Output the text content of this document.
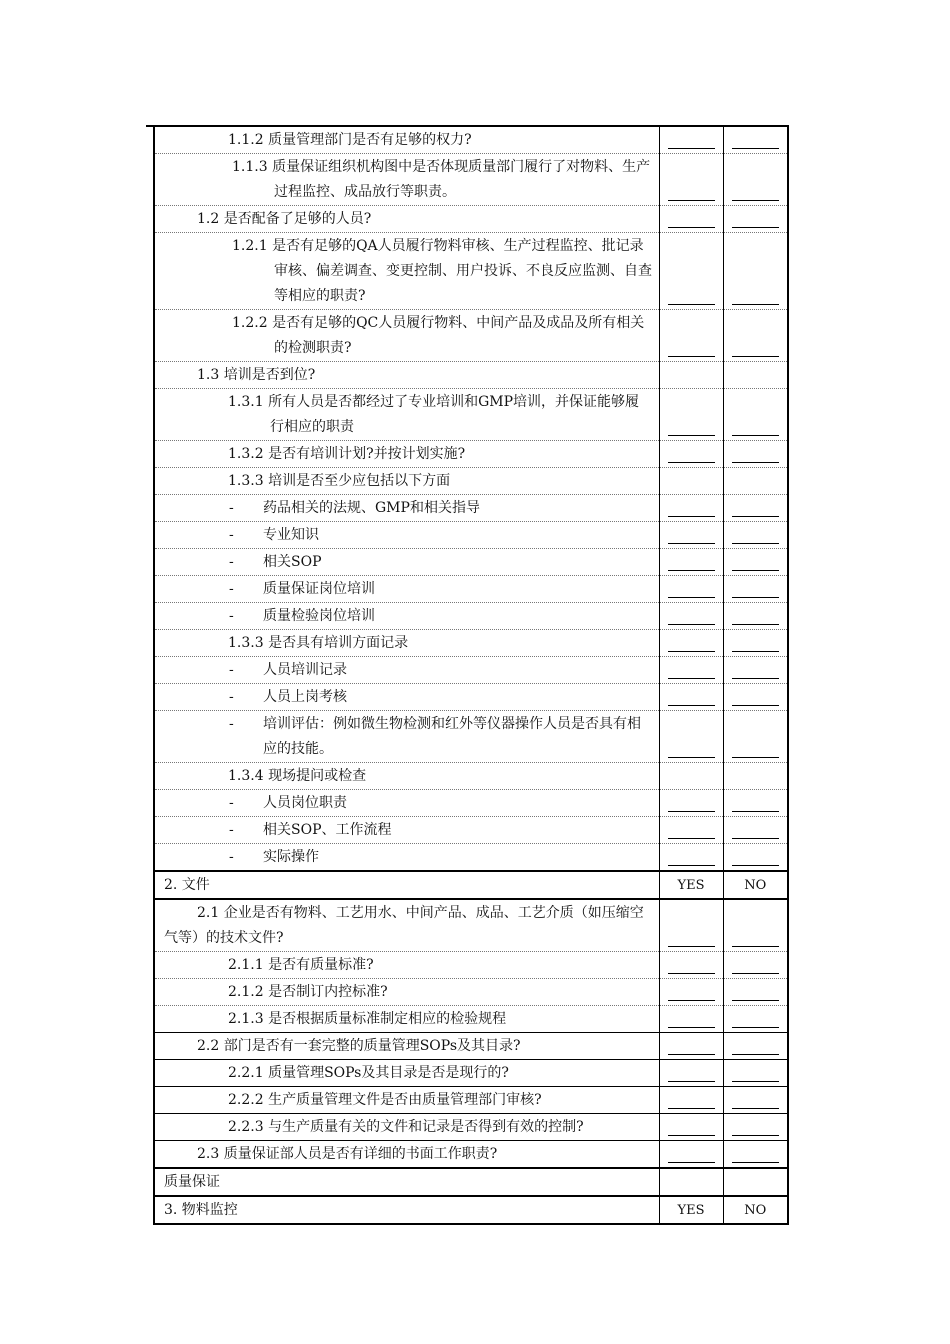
1.1.2 质量管理部门是否有足够的权力?		

1.1.3 质量保证组织机构图中是否体现质量部门履行了对物料、生产过程监控、成品放行等职责。		

1.2 是否配备了足够的人员?		

1.2.1 是否有足够的QA人员履行物料审核、生产过程监控、批记录审核、偏差调查、变更控制、用户投诉、不良反应监测、自查等相应的职责?		

1.2.2 是否有足够的QC人员履行物料、中间产品及成品及所有相关的检测职责?		

1.3 培训是否到位?		

1.3.1 所有人员是否都经过了专业培训和GMP培训，并保证能够履行相应的职责		

1.3.2 是否有培训计划?并按计划实施?		

1.3.3 培训是否至少应包括以下方面		

- 药品相关的法规、GMP和相关指导		

- 专业知识		

- 相关SOP		

- 质量保证岗位培训		

- 质量检验岗位培训		

1.3.3 是否具有培训方面记录		

- 人员培训记录		

- 人员上岗考核		

- 培训评估：例如微生物检测和红外等仪器操作人员是否具有相应的技能。		

1.3.4 现场提问或检查		

- 人员岗位职责		

- 相关SOP、工作流程		

- 实际操作		

2. 文件	YES	NO

2.1 企业是否有物料、工艺用水、中间产品、成品、工艺介质（如压缩空气等）的技术文件?		

2.1.1 是否有质量标准?		

2.1.2 是否制订内控标准?		

2.1.3 是否根据质量标准制定相应的检验规程		

2.2 部门是否有一套完整的质量管理SOPs及其目录?		

2.2.1 质量管理SOPs及其目录是否是现行的?		

2.2.2 生产质量管理文件是否由质量管理部门审核?		

2.2.3 与生产质量有关的文件和记录是否得到有效的控制?		

2.3 质量保证部人员是否有详细的书面工作职责?		

质量保证		

3. 物料监控	YES	NO
